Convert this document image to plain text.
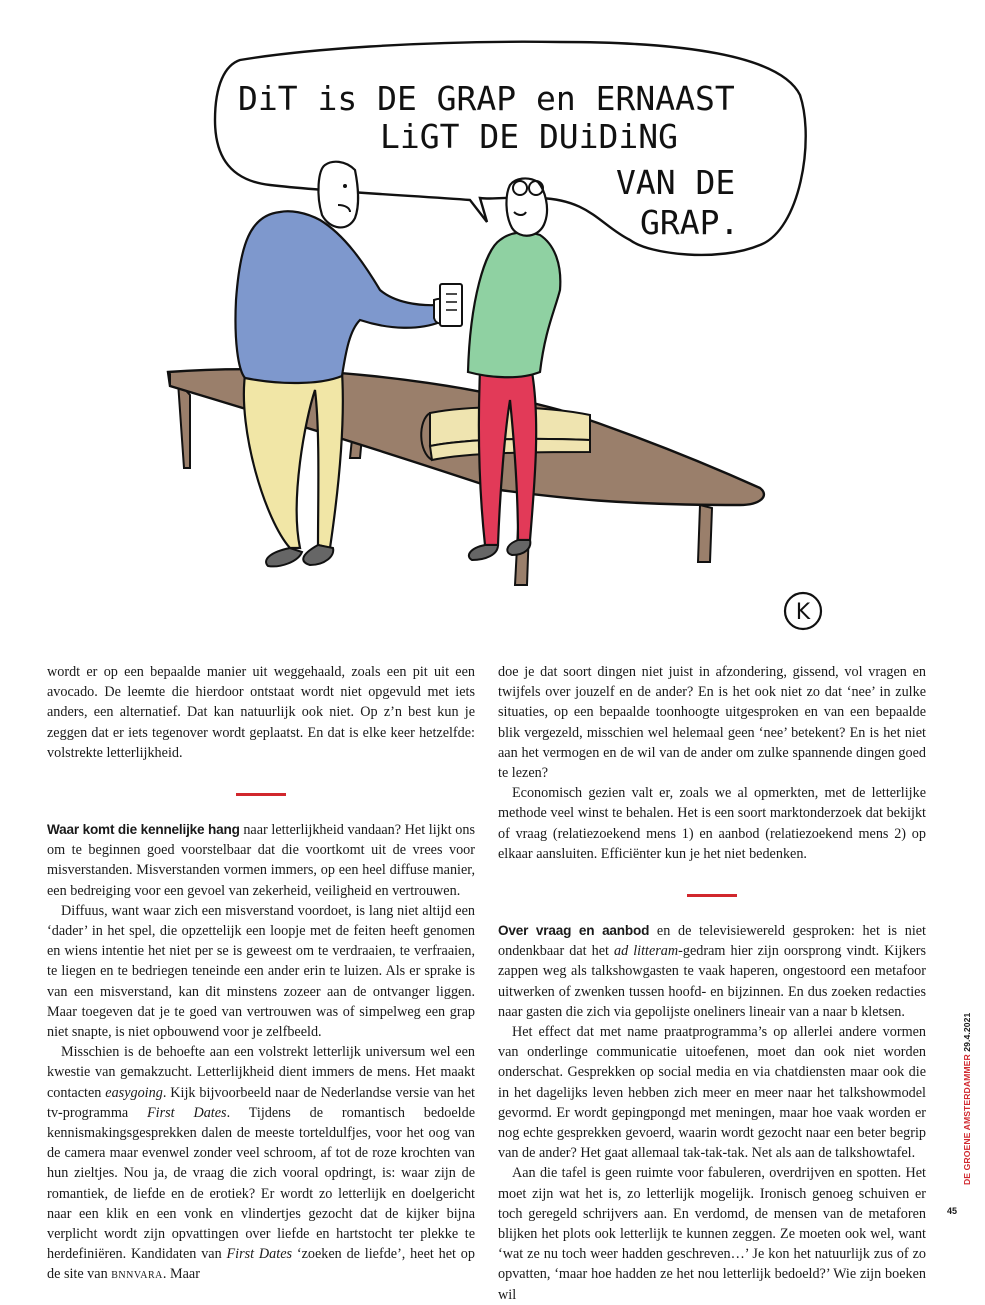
DiT is DE GRAP en ERNAAST
LiGT DE DUiDiNG
VAN DE
GRAP.
K

wordt er op een bepaalde manier uit weggehaald, zoals een pit uit een avocado. De leemte die hierdoor ontstaat wordt niet opgevuld met iets anders, een alternatief. Dat kan natuurlijk ook niet. Op z’n best kun je zeggen dat er iets tegenover wordt geplaatst. En dat is elke keer hetzelfde: volstrekte letterlijkheid.

Waar komt die kennelijke hang naar letterlijkheid vandaan? Het lijkt ons om te beginnen goed voorstelbaar dat die voortkomt uit de vrees voor misverstanden. Misverstanden vormen immers, op een heel diffuse manier, een bedreiging voor een gevoel van zekerheid, veiligheid en vertrouwen.

Diffuus, want waar zich een misverstand voordoet, is lang niet altijd een ‘dader’ in het spel, die opzettelijk een loopje met de feiten heeft genomen en wiens intentie het niet per se is geweest om te verdraaien, te verfraaien, te liegen en te bedriegen teneinde een ander erin te luizen. Als er sprake is van een misverstand, kan dit minstens zozeer aan de ontvanger liggen. Maar toegeven dat je te goed van vertrouwen was of simpelweg een grap niet snapte, is niet opbouwend voor je zelfbeeld.

Misschien is de behoefte aan een volstrekt letterlijk universum wel een kwestie van gemakzucht. Letterlijkheid dient immers de mens. Het maakt contacten easygoing. Kijk bijvoorbeeld naar de Nederlandse versie van het tv-programma First Dates. Tijdens de romantisch bedoelde kennismakingsgesprekken dalen de meeste torteldulfjes, voor het oog van de camera maar evenwel zonder veel schroom, af tot de roze krochten van hun zieltjes. Nou ja, de vraag die zich vooral opdringt, is: waar zijn de romantiek, de liefde en de erotiek? Er wordt zo letterlijk en doelgericht naar een klik en een vonk en vlindertjes gezocht dat de kijker bijna verplicht wordt zijn opvattingen over liefde en hartstocht ter plekke te herdefiniëren. Kandidaten van First Dates ‘zoeken de liefde’, heet het op de site van bnnvara. Maar

doe je dat soort dingen niet juist in afzondering, gissend, vol vragen en twijfels over jouzelf en de ander? En is het ook niet zo dat ‘nee’ in zulke situaties, op een bepaalde toonhoogte uitgesproken en van een bepaalde blik vergezeld, misschien wel helemaal geen ‘nee’ betekent? En is het niet aan het vermogen en de wil van de ander om zulke spannende dingen goed te lezen?

Economisch gezien valt er, zoals we al opmerkten, met de letterlijke methode veel winst te behalen. Het is een soort marktonderzoek dat bekijkt of vraag (relatiezoekend mens 1) en aanbod (relatiezoekend mens 2) op elkaar aansluiten. Efficiënter kun je het niet bedenken.

Over vraag en aanbod en de televisiewereld gesproken: het is niet ondenkbaar dat het ad litteram-gedram hier zijn oorsprong vindt. Kijkers zappen weg als talkshowgasten te vaak haperen, ongestoord een metafoor uitwerken of zwenken tussen hoofd- en bijzinnen. En dus zoeken redacties naar gasten die zich via gepolijste oneliners lineair van a naar b kletsen.

Het effect dat met name praatprogramma’s op allerlei andere vormen van onderlinge communicatie uitoefenen, moet dan ook niet worden onderschat. Gesprekken op social media en via chatdiensten maar ook die in het dagelijks leven hebben zich meer en meer naar het talkshowmodel gevormd. Er wordt gepingpongd met meningen, maar hoe vaak worden er nog echte gesprekken gevoerd, waarin wordt gezocht naar een beter begrip van de ander? Het gaat allemaal tak-tak-tak. Net als aan de talkshowtafel.

Aan die tafel is geen ruimte voor fabuleren, overdrijven en spotten. Het moet zijn wat het is, zo letterlijk mogelijk. Ironisch genoeg schuiven er toch geregeld schrijvers aan. En verdomd, de mensen van de metaforen blijken het plots ook letterlijk te kunnen zeggen. Ze moeten ook wel, want ‘wat ze nu toch weer hadden geschreven…’ Je kon het natuurlijk zus of zo opvatten, ‘maar hoe hadden ze het nou letterlijk bedoeld?’ Wie zijn boeken wil

DE GROENE AMSTERDAMMER 29.4.2021
45
